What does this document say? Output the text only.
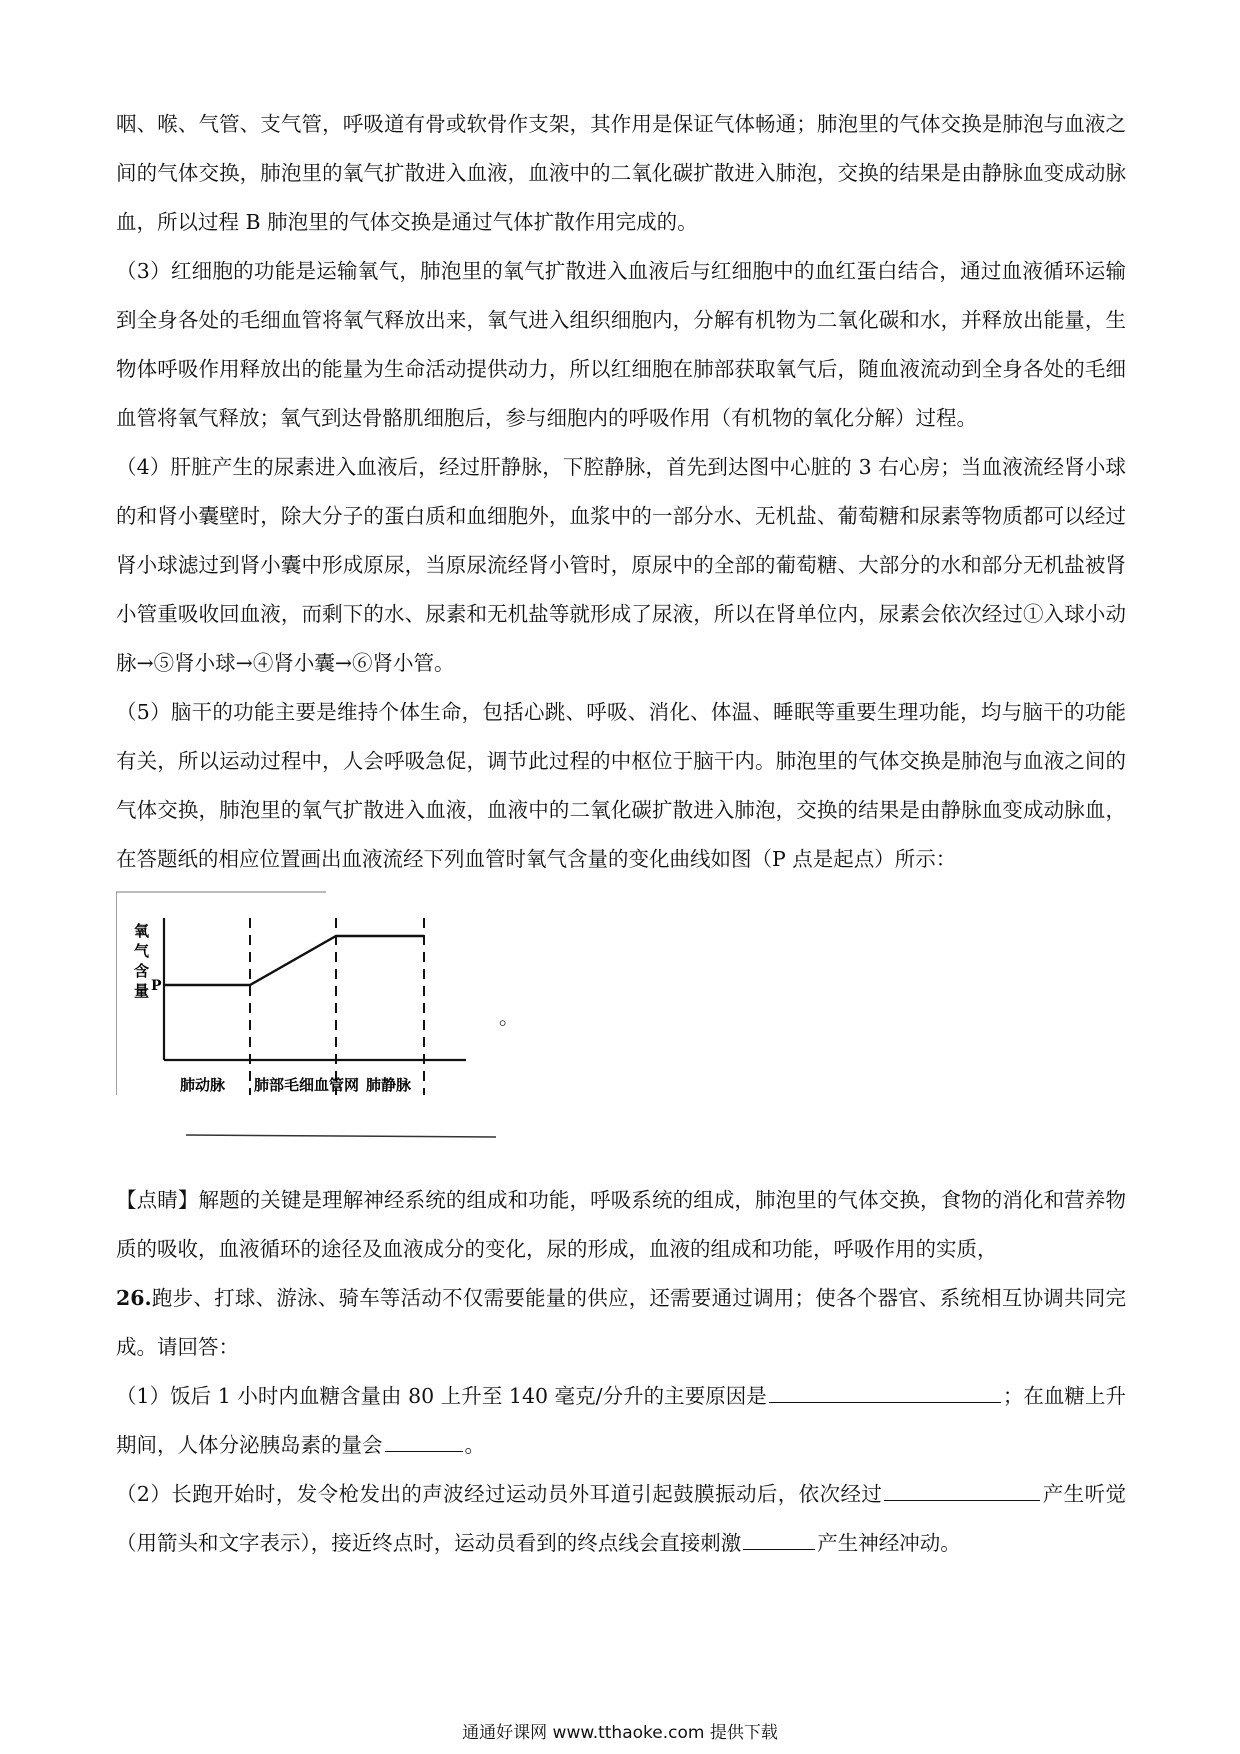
咽、喉、气管、支气管，呼吸道有骨或软骨作支架，其作用是保证气体畅通；肺泡里的气体交换是肺泡与血液之间的气体交换，肺泡里的氧气扩散进入血液，血液中的二氧化碳扩散进入肺泡，交换的结果是由静脉血变成动脉血，所以过程 B 肺泡里的气体交换是通过气体扩散作用完成的。

（3）红细胞的功能是运输氧气，肺泡里的氧气扩散进入血液后与红细胞中的血红蛋白结合，通过血液循环运输到全身各处的毛细血管将氧气释放出来，氧气进入组织细胞内，分解有机物为二氧化碳和水，并释放出能量，生物体呼吸作用释放出的能量为生命活动提供动力，所以红细胞在肺部获取氧气后，随血液流动到全身各处的毛细血管将氧气释放；氧气到达骨骼肌细胞后，参与细胞内的呼吸作用（有机物的氧化分解）过程。

（4）肝脏产生的尿素进入血液后，经过肝静脉，下腔静脉，首先到达图中心脏的 3 右心房；当血液流经肾小球的和肾小囊壁时，除大分子的蛋白质和血细胞外，血浆中的一部分水、无机盐、葡萄糖和尿素等物质都可以经过肾小球滤过到肾小囊中形成原尿，当原尿流经肾小管时，原尿中的全部的葡萄糖、大部分的水和部分无机盐被肾小管重吸收回血液，而剩下的水、尿素和无机盐等就形成了尿液，所以在肾单位内，尿素会依次经过①入球小动脉→⑤肾小球→④肾小囊→⑥肾小管。

（5）脑干的功能主要是维持个体生命，包括心跳、呼吸、消化、体温、睡眠等重要生理功能，均与脑干的功能有关，所以运动过程中，人会呼吸急促，调节此过程的中枢位于脑干内。肺泡里的气体交换是肺泡与血液之间的气体交换，肺泡里的氧气扩散进入血液，血液中的二氧化碳扩散进入肺泡，交换的结果是由静脉血变成动脉血，在答题纸的相应位置画出血液流经下列血管时氧气含量的变化曲线如图（P 点是起点）所示：

氧
气
含
量 P
肺动脉 肺部毛细血管网 肺静脉
。

【点睛】解题的关键是理解神经系统的组成和功能，呼吸系统的组成，肺泡里的气体交换，食物的消化和营养物质的吸收，血液循环的途径及血液成分的变化，尿的形成，血液的组成和功能，呼吸作用的实质，

26.跑步、打球、游泳、骑车等活动不仅需要能量的供应，还需要通过调用；使各个器官、系统相互协调共同完成。请回答：

（1）饭后 1 小时内血糖含量由 80 上升至 140 毫克/分升的主要原因是	；在血糖上升期间，人体分泌胰岛素的量会	。

（2）长跑开始时，发令枪发出的声波经过运动员外耳道引起鼓膜振动后，依次经过	产生听觉（用箭头和文字表示），接近终点时，运动员看到的终点线会直接刺激	产生神经冲动。

通通好课网 www.tthaoke.com 提供下载
